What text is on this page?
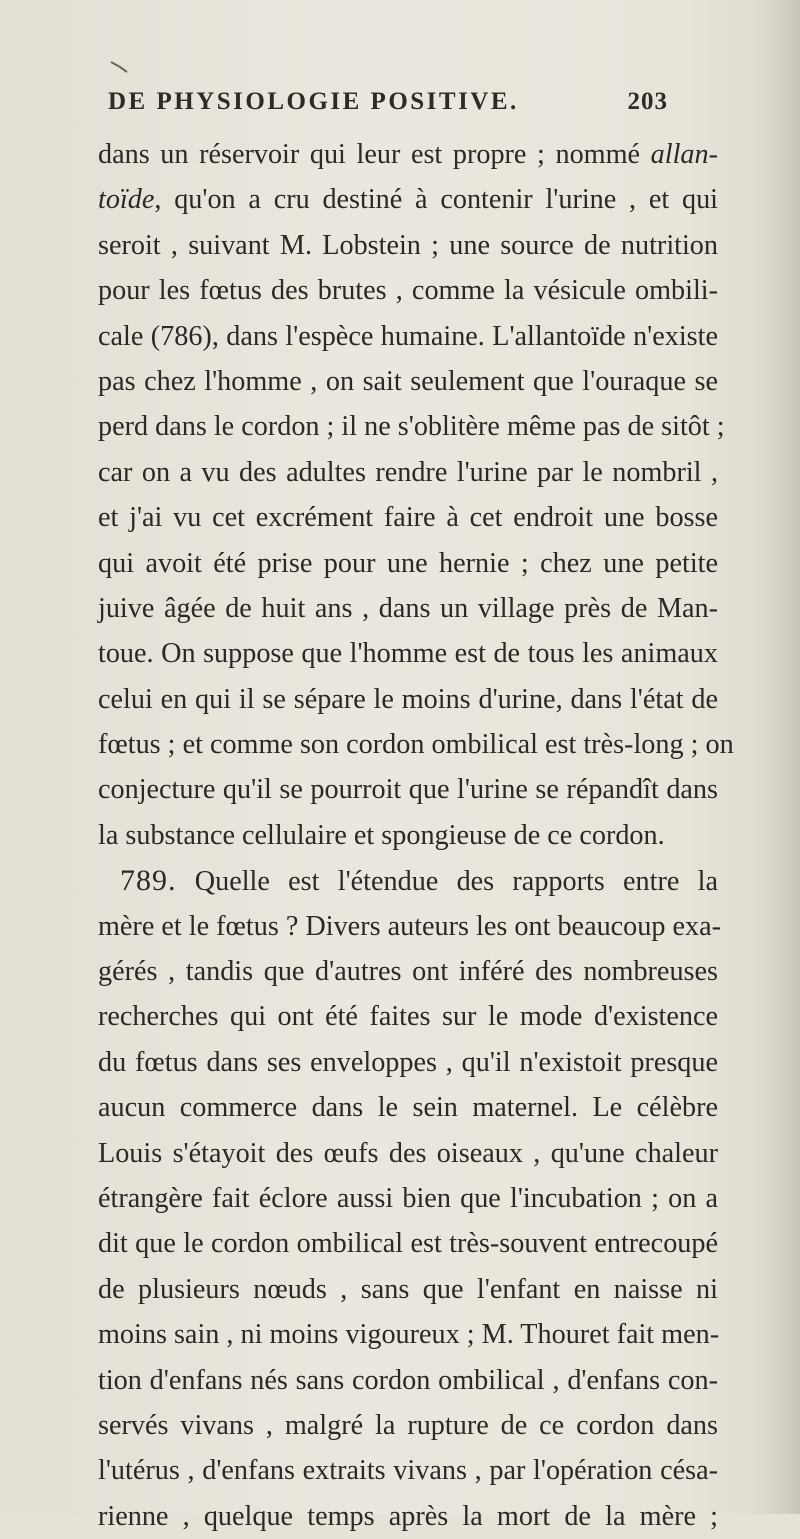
DE PHYSIOLOGIE POSITIVE.	203
dans un réservoir qui leur est propre ; nommé allan-
toïde, qu'on a cru destiné à contenir l'urine , et qui
seroit , suivant M. Lobstein ; une source de nutrition
pour les fœtus des brutes , comme la vésicule ombili-
cale (786), dans l'espèce humaine. L'allantoïde n'existe
pas chez l'homme , on sait seulement que l'ouraque se
perd dans le cordon ; il ne s'oblitère même pas de sitôt ;
car on a vu des adultes rendre l'urine par le nombril ,
et j'ai vu cet excrément faire à cet endroit une bosse
qui avoit été prise pour une hernie ; chez une petite
juive âgée de huit ans , dans un village près de Man-
toue. On suppose que l'homme est de tous les animaux
celui en qui il se sépare le moins d'urine, dans l'état de
fœtus ; et comme son cordon ombilical est très-long ; on
conjecture qu'il se pourroit que l'urine se répandît dans
la substance cellulaire et spongieuse de ce cordon.
789. Quelle est l'étendue des rapports entre la
mère et le fœtus ? Divers auteurs les ont beaucoup exa-
gérés , tandis que d'autres ont inféré des nombreuses
recherches qui ont été faites sur le mode d'existence
du fœtus dans ses enveloppes , qu'il n'existoit presque
aucun commerce dans le sein maternel. Le célèbre
Louis s'étayoit des œufs des oiseaux , qu'une chaleur
étrangère fait éclore aussi bien que l'incubation ; on a
dit que le cordon ombilical est très-souvent entrecoupé
de plusieurs nœuds , sans que l'enfant en naisse ni
moins sain , ni moins vigoureux ; M. Thouret fait men-
tion d'enfans nés sans cordon ombilical , d'enfans con-
servés vivans , malgré la rupture de ce cordon dans
l'utérus , d'enfans extraits vivans , par l'opération césa-
rienne , quelque temps après la mort de la mère ;
